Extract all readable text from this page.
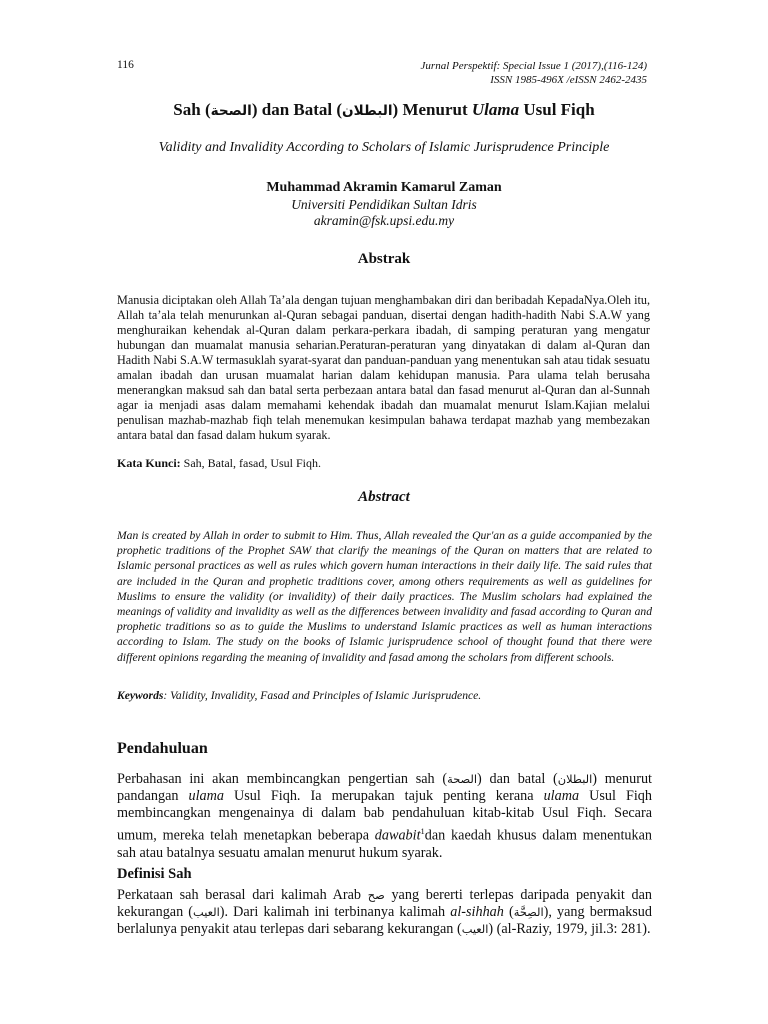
116	Jurnal Perspektif: Special Issue 1 (2017),(116-124)
ISSN 1985-496X /eISSN 2462-2435
Sah (الصحة) dan Batal (البطلان) Menurut Ulama Usul Fiqh
Validity and Invalidity According to Scholars of Islamic Jurisprudence Principle
Muhammad Akramin Kamarul Zaman
Universiti Pendidikan Sultan Idris
akramin@fsk.upsi.edu.my
Abstrak
Manusia diciptakan oleh Allah Ta’ala dengan tujuan menghambakan diri dan beribadah KepadaNya.Oleh itu, Allah ta’ala telah menurunkan al-Quran sebagai panduan, disertai dengan hadith-hadith Nabi S.A.W yang menghuraikan kehendak al-Quran dalam perkara-perkara ibadah, di samping peraturan yang mengatur hubungan dan muamalat manusia seharian.Peraturan-peraturan yang dinyatakan di dalam al-Quran dan Hadith Nabi S.A.W termasuklah syarat-syarat dan panduan-panduan yang menentukan sah atau tidak sesuatu amalan ibadah dan urusan muamalat harian dalam kehidupan manusia. Para ulama telah berusaha menerangkan maksud sah dan batal serta perbezaan antara batal dan fasad menurut al-Quran dan al-Sunnah agar ia menjadi asas dalam memahami kehendak ibadah dan muamalat menurut Islam.Kajian melalui penulisan mazhab-mazhab fiqh telah menemukan kesimpulan bahawa terdapat mazhab yang membezakan antara batal dan fasad dalam hukum syarak.
Kata Kunci: Sah, Batal, fasad, Usul Fiqh.
Abstract
Man is created by Allah in order to submit to Him. Thus, Allah revealed the Qur'an as a guide accompanied by the prophetic traditions of the Prophet SAW that clarify the meanings of the Quran on matters that are related to Islamic personal practices as well as rules which govern human interactions in their daily life. The said rules that are included in the Quran and prophetic traditions cover, among others requirements as well as guidelines for Muslims to ensure the validity (or invalidity) of their daily practices. The Muslim scholars had explained the meanings of validity and invalidity as well as the differences between invalidity and fasad according to Quran and prophetic traditions so as to guide the Muslims to understand Islamic practices as well as human interactions according to Islam. The study on the books of Islamic jurisprudence school of thought found that there were different opinions regarding the meaning of invalidity and fasad among the scholars from different schools.
Keywords: Validity, Invalidity, Fasad and Principles of Islamic Jurisprudence.
Pendahuluan
Perbahasan ini akan membincangkan pengertian sah (الصحة) dan batal (البطلان) menurut pandangan ulama Usul Fiqh. Ia merupakan tajuk penting kerana ulama Usul Fiqh membincangkan mengenainya di dalam bab pendahuluan kitab-kitab Usul Fiqh. Secara umum, mereka telah menetapkan beberapa dawabit$^1$dan kaedah khusus dalam menentukan sah atau batalnya sesuatu amalan menurut hukum syarak.
Definisi Sah
Perkataan sah berasal dari kalimah Arab صح yang bererti terlepas daripada penyakit dan kekurangan (العيب). Dari kalimah ini terbinanya kalimah al-sihhah (الصِحَّة), yang bermaksud berlalunya penyakit atau terlepas dari sebarang kekurangan (العيب) (al-Raziy, 1979, jil.3: 281).
